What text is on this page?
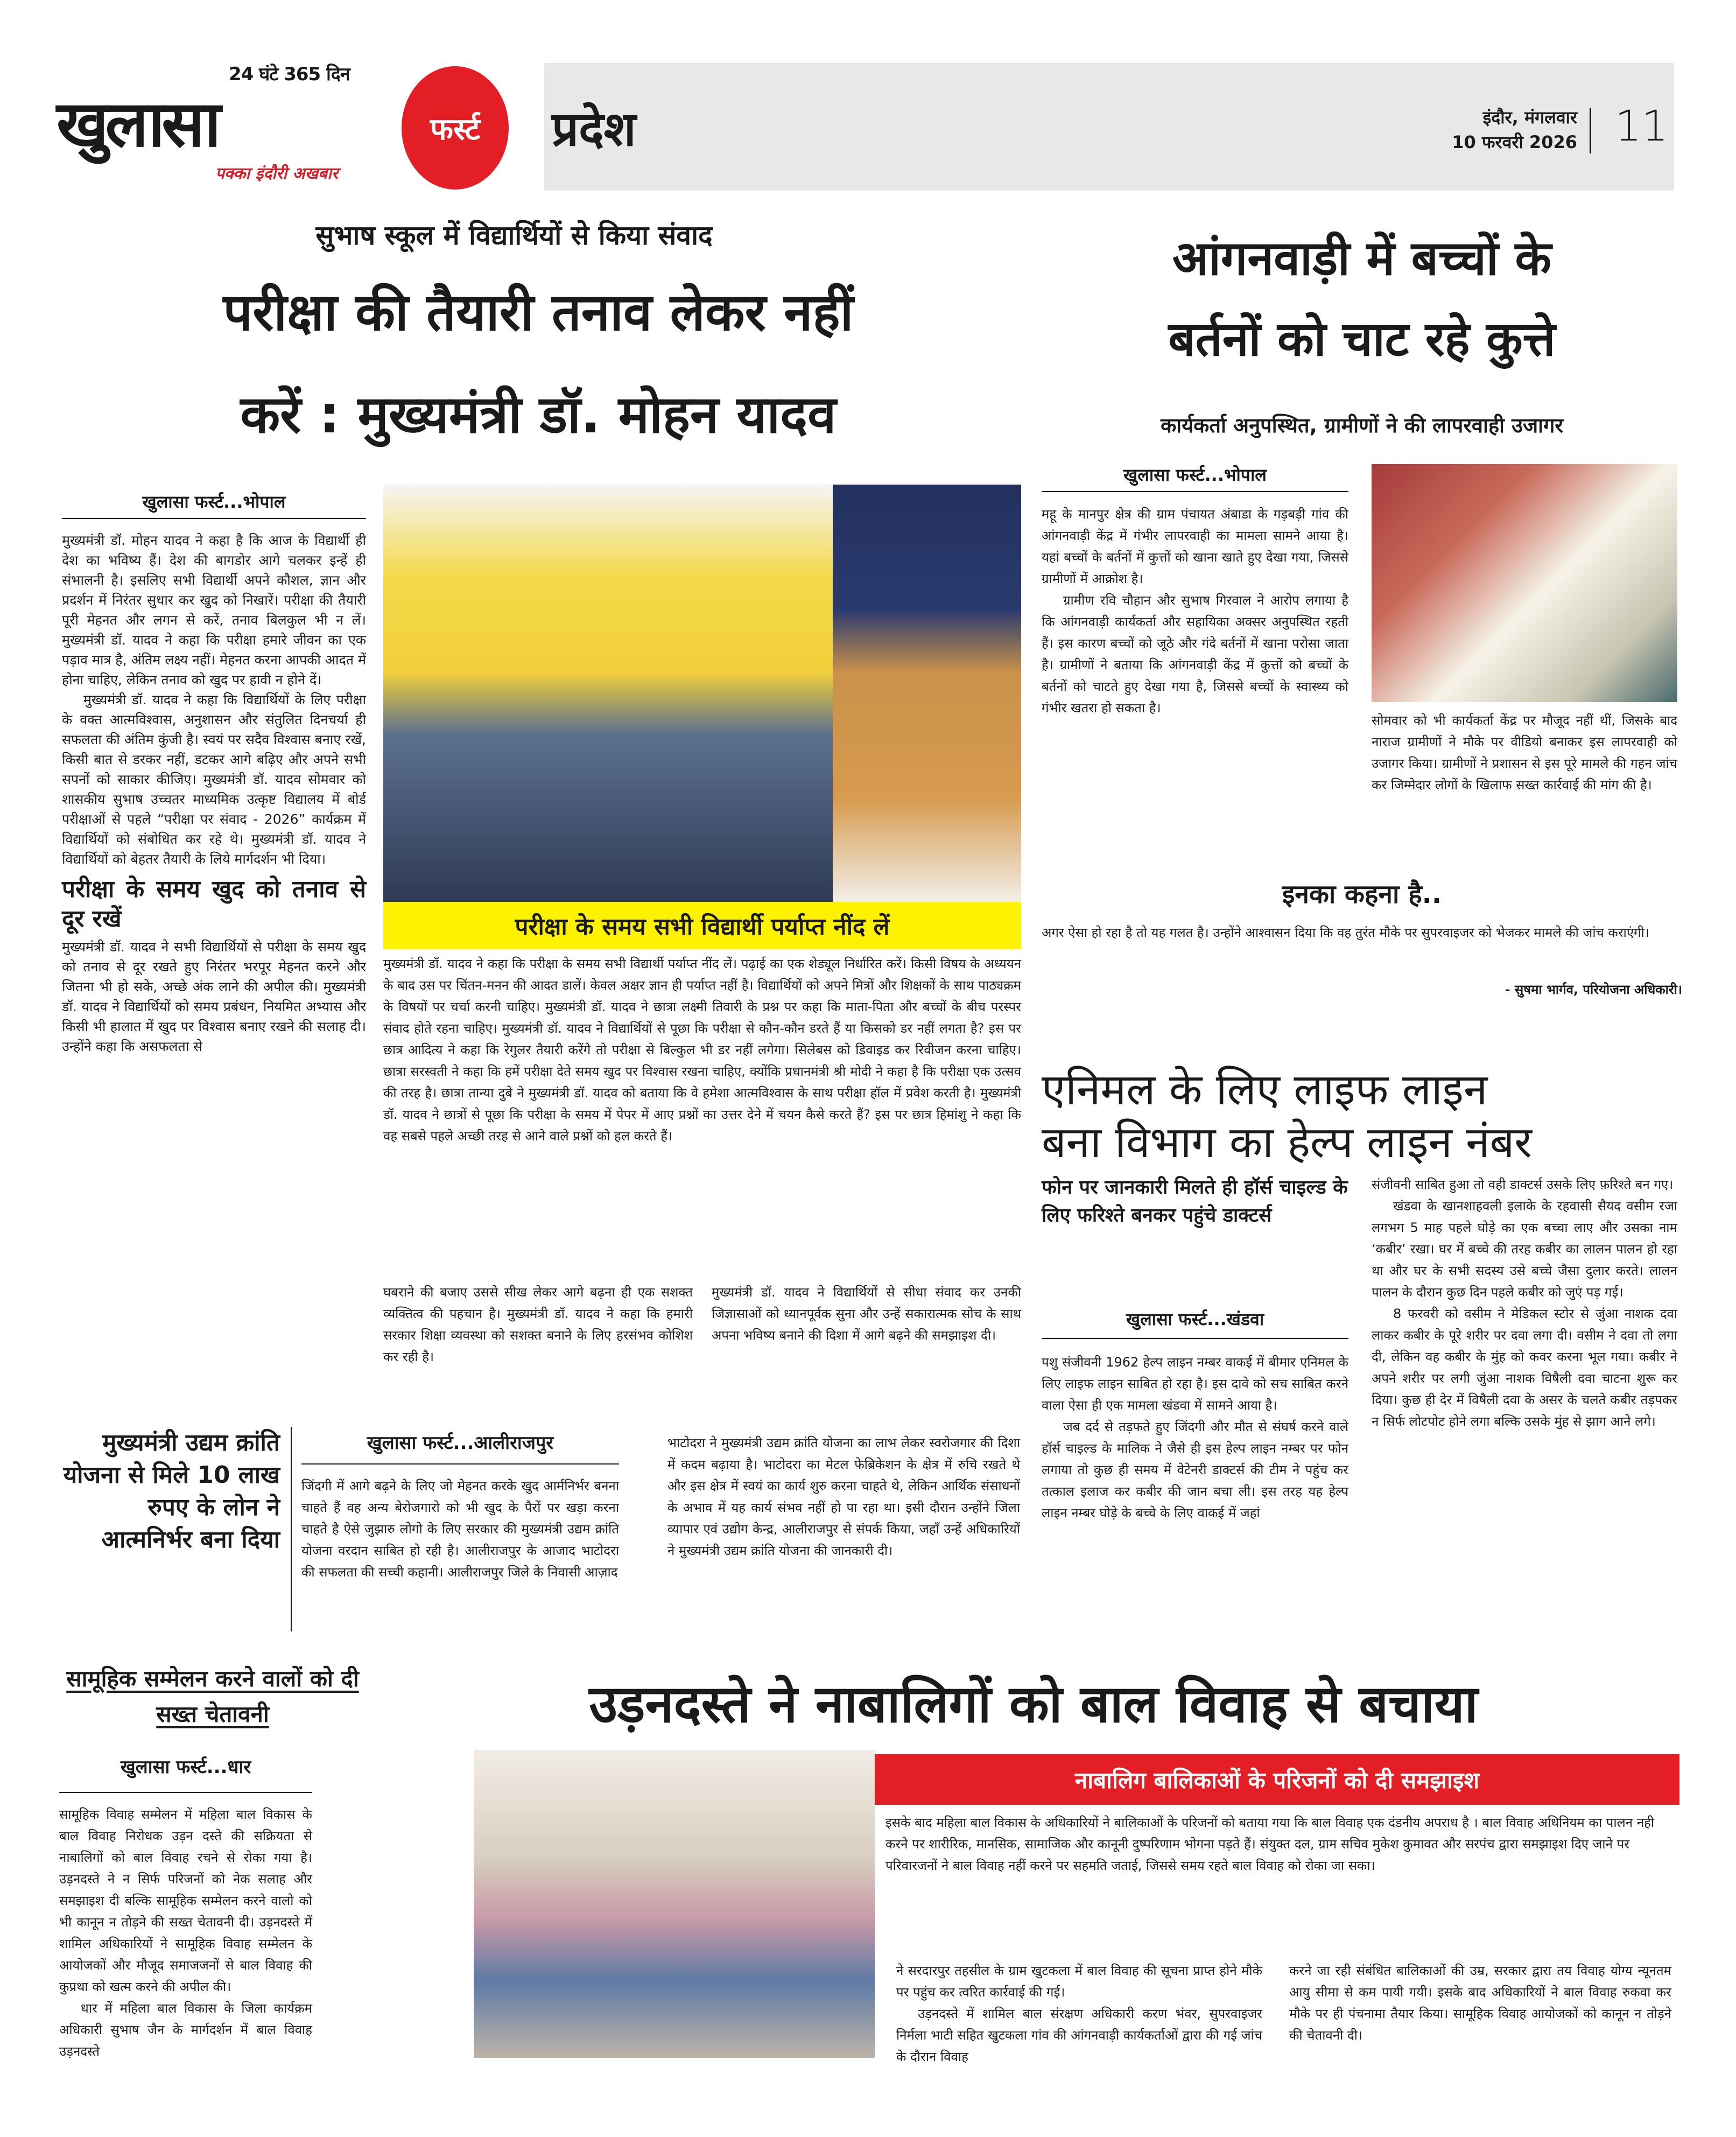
24 घंटे 365 दिन
खुलासा
पक्का इंदौरी अखबार
फर्स्ट प्रदेश	इंदौर, मंगलवार
10 फरवरी 2026 11
सुभाष स्कूल में विद्यार्थियों से किया संवाद
परीक्षा की तैयारी तनाव लेकर नहीं
करें : मुख्यमंत्री डॉ. मोहन यादव
खुलासा फर्स्ट...भोपाल

मुख्यमंत्री डॉ. मोहन यादव ने कहा है कि आज के विद्यार्थी ही देश का भविष्य हैं। देश की बागडोर आगे चलकर इन्हें ही संभालनी है। इसलिए सभी विद्यार्थी अपने कौशल, ज्ञान और प्रदर्शन में निरंतर सुधार कर खुद को निखारें। परीक्षा की तैयारी पूरी मेहनत और लगन से करें, तनाव बिलकुल भी न लें। मुख्यमंत्री डॉ. यादव ने कहा कि परीक्षा हमारे जीवन का एक पड़ाव मात्र है, अंतिम लक्ष्य नहीं। मेहनत करना आपकी आदत में होना चाहिए, लेकिन तनाव को खुद पर हावी न होने दें।

मुख्यमंत्री डॉ. यादव ने कहा कि विद्यार्थियों के लिए परीक्षा के वक्त आत्मविश्वास, अनुशासन और संतुलित दिनचर्या ही सफलता की अंतिम कुंजी है। स्वयं पर सदैव विश्वास बनाए रखें, किसी बात से डरकर नहीं, डटकर आगे बढ़िए और अपने सभी सपनों को साकार कीजिए। मुख्यमंत्री डॉ. यादव सोमवार को शासकीय सुभाष उच्चतर माध्यमिक उत्कृष्ट विद्यालय में बोर्ड परीक्षाओं से पहले “परीक्षा पर संवाद - 2026” कार्यक्रम में विद्यार्थियों को संबोधित कर रहे थे। मुख्यमंत्री डॉ. यादव ने विद्यार्थियों को बेहतर तैयारी के लिये मार्गदर्शन भी दिया।

परीक्षा के समय खुद को तनाव से दूर रखें

मुख्यमंत्री डॉ. यादव ने सभी विद्यार्थियों से परीक्षा के समय खुद को तनाव से दूर रखते हुए निरंतर भरपूर मेहनत करने और जितना भी हो सके, अच्छे अंक लाने की अपील की। मुख्यमंत्री डॉ. यादव ने विद्यार्थियों को समय प्रबंधन, नियमित अभ्यास और किसी भी हालात में खुद पर विश्वास बनाए रखने की सलाह दी। उन्होंने कहा कि असफलता से

परीक्षा के समय सभी विद्यार्थी पर्याप्त नींद लें
मुख्यमंत्री डॉ. यादव ने कहा कि परीक्षा के समय सभी विद्यार्थी पर्याप्त नींद लें। पढ़ाई का एक शेड्यूल निर्धारित करें। किसी विषय के अध्ययन के बाद उस पर चिंतन-मनन की आदत डालें। केवल अक्षर ज्ञान ही पर्याप्त नहीं है। विद्यार्थियों को अपने मित्रों और शिक्षकों के साथ पाठ्यक्रम के विषयों पर चर्चा करनी चाहिए। मुख्यमंत्री डॉ. यादव ने छात्रा लक्ष्मी तिवारी के प्रश्न पर कहा कि माता-पिता और बच्चों के बीच परस्पर संवाद होते रहना चाहिए। मुख्यमंत्री डॉ. यादव ने विद्यार्थियों से पूछा कि परीक्षा से कौन-कौन डरते हैं या किसको डर नहीं लगता है? इस पर छात्र आदित्य ने कहा कि रेगुलर तैयारी करेंगे तो परीक्षा से बिल्कुल भी डर नहीं लगेगा। सिलेबस को डिवाइड कर रिवीजन करना चाहिए। छात्रा सरस्वती ने कहा कि हमें परीक्षा देते समय खुद पर विश्वास रखना चाहिए, क्योंकि प्रधानमंत्री श्री मोदी ने कहा है कि परीक्षा एक उत्सव की तरह है। छात्रा तान्या दुबे ने मुख्यमंत्री डॉ. यादव को बताया कि वे हमेशा आत्मविश्वास के साथ परीक्षा हॉल में प्रवेश करती है। मुख्यमंत्री डॉ. यादव ने छात्रों से पूछा कि परीक्षा के समय में पेपर में आए प्रश्नों का उत्तर देने में चयन कैसे करते हैं? इस पर छात्र हिमांशु ने कहा कि वह सबसे पहले अच्छी तरह से आने वाले प्रश्नों को हल करते हैं।
घबराने की बजाए उससे सीख लेकर आगे बढ़ना ही एक सशक्त व्यक्तित्व की पहचान है। मुख्यमंत्री डॉ. यादव ने कहा कि हमारी सरकार शिक्षा व्यवस्था को सशक्त बनाने के लिए हरसंभव कोशिश कर रही है।
मुख्यमंत्री डॉ. यादव ने विद्यार्थियों से सीधा संवाद कर उनकी जिज्ञासाओं को ध्यानपूर्वक सुना और उन्हें सकारात्मक सोच के साथ अपना भविष्य बनाने की दिशा में आगे बढ़ने की समझाइश दी।
आंगनवाड़ी में बच्चों के
बर्तनों को चाट रहे कुत्ते
कार्यकर्ता अनुपस्थित, ग्रामीणों ने की लापरवाही उजागर
खुलासा फर्स्ट...भोपाल

महू के मानपुर क्षेत्र की ग्राम पंचायत अंबाडा के गड़बड़ी गांव की आंगनवाड़ी केंद्र में गंभीर लापरवाही का मामला सामने आया है। यहां बच्चों के बर्तनों में कुत्तों को खाना खाते हुए देखा गया, जिससे ग्रामीणों में आक्रोश है।

ग्रामीण रवि चौहान और सुभाष गिरवाल ने आरोप लगाया है कि आंगनवाड़ी कार्यकर्ता और सहायिका अक्सर अनुपस्थित रहती हैं। इस कारण बच्चों को जूठे और गंदे बर्तनों में खाना परोसा जाता है। ग्रामीणों ने बताया कि आंगनवाड़ी केंद्र में कुत्तों को बच्चों के बर्तनों को चाटते हुए देखा गया है, जिससे बच्चों के स्वास्थ्य को गंभीर खतरा हो सकता है।

सोमवार को भी कार्यकर्ता केंद्र पर मौजूद नहीं थीं, जिसके बाद नाराज ग्रामीणों ने मौके पर वीडियो बनाकर इस लापरवाही को उजागर किया। ग्रामीणों ने प्रशासन से इस पूरे मामले की गहन जांच कर जिम्मेदार लोगों के खिलाफ सख्त कार्रवाई की मांग की है।
इनका कहना है..
अगर ऐसा हो रहा है तो यह गलत है। उन्होंने आश्वासन दिया कि वह तुरंत मौके पर सुपरवाइजर को भेजकर मामले की जांच कराएंगी।
- सुषमा भार्गव, परियोजना अधिकारी।
एनिमल के लिए लाइफ लाइन
बना विभाग का हेल्प लाइन नंबर
फोन पर जानकारी मिलते ही हॉर्स चाइल्ड के लिए फरिश्ते बनकर पहुंचे डाक्टर्स
खुलासा फर्स्ट...खंडवा

पशु संजीवनी 1962 हेल्प लाइन नम्बर वाकई में बीमार एनिमल के लिए लाइफ लाइन साबित हो रहा है। इस दावे को सच साबित करने वाला ऐसा ही एक मामला खंडवा में सामने आया है।

जब दर्द से तड़फते हुए जिंदगी और मौत से संघर्ष करने वाले हॉर्स चाइल्ड के मालिक ने जैसे ही इस हेल्प लाइन नम्बर पर फोन लगाया तो कुछ ही समय में वेटेनरी डाक्टर्स की टीम ने पहुंच कर तत्काल इलाज कर कबीर की जान बचा ली। इस तरह यह हेल्प लाइन नम्बर घोड़े के बच्चे के लिए वाकई में जहां

संजीवनी साबित हुआ तो वही डाक्टर्स उसके लिए फ़रिश्ते बन गए।

खंडवा के खानशाहवली इलाके के रहवासी सैयद वसीम रजा लगभग 5 माह पहले घोड़े का एक बच्चा लाए और उसका नाम ‘कबीर’ रखा। घर में बच्चे की तरह कबीर का लालन पालन हो रहा था और घर के सभी सदस्य उसे बच्चे जैसा दुलार करते। लालन पालन के दौरान कुछ दिन पहले कबीर को जुएं पड़ गई।

8 फरवरी को वसीम ने मेडिकल स्टोर से जुंआ नाशक दवा लाकर कबीर के पूरे शरीर पर दवा लगा दी। वसीम ने दवा तो लगा दी, लेकिन वह कबीर के मुंह को कवर करना भूल गया। कबीर ने अपने शरीर पर लगी जुंआ नाशक विषैली दवा चाटना शुरू कर दिया। कुछ ही देर में विषैली दवा के असर के चलते कबीर तड़पकर न सिर्फ लोटपोट होने लगा बल्कि उसके मुंह से झाग आने लगे।

मुख्यमंत्री उद्यम क्रांति योजना से मिले 10 लाख रुपए के लोन ने आत्मनिर्भर बना दिया
खुलासा फर्स्ट...आलीराजपुर
जिंदगी में आगे बढ़ने के लिए जो मेहनत करके खुद आर्मनिर्भर बनना चाहते हैं वह अन्य बेरोजगारो को भी खुद के पैरों पर खड़ा करना चाहते है ऐसे जुझारु लोगो के लिए सरकार की मुख्यमंत्री उद्यम क्रांति योजना वरदान साबित हो रही है। आलीराजपुर के आजाद भाटोदरा की सफलता की सच्ची कहानी। आलीराजपुर जिले के निवासी आज़ाद
भाटोदरा ने मुख्यमंत्री उद्यम क्रांति योजना का लाभ लेकर स्वरोजगार की दिशा में कदम बढ़ाया है। भाटोदरा का मेटल फेब्रिकेशन के क्षेत्र में रुचि रखते थे और इस क्षेत्र में स्वयं का कार्य शुरु करना चाहते थे, लेकिन आर्थिक संसाधनों के अभाव में यह कार्य संभव नहीं हो पा रहा था। इसी दौरान उन्होंने जिला व्यापार एवं उद्योग केन्द्र, आलीराजपुर से संपर्क किया, जहाँ उन्हें अधिकारियों ने मुख्यमंत्री उद्यम क्रांति योजना की जानकारी दी।
सामूहिक सम्मेलन करने वालों को दी सख्त चेतावनी
खुलासा फर्स्ट...धार

सामूहिक विवाह सम्मेलन में महिला बाल विकास के बाल विवाह निरोधक उड़न दस्ते की सक्रियता से नाबालिगों को बाल विवाह रचने से रोका गया है। उड़नदस्ते ने न सिर्फ परिजनों को नेक सलाह और समझाइश दी बल्कि सामूहिक सम्मेलन करने वालो को भी कानून न तोड़ने की सख्त चेतावनी दी। उड़नदस्ते में शामिल अधिकारियों ने सामूहिक विवाह सम्मेलन के आयोजकों और मौजूद समाजजनों से बाल विवाह की कुप्रथा को खत्म करने की अपील की।

धार में महिला बाल विकास के जिला कार्यक्रम अधिकारी सुभाष जैन के मार्गदर्शन में बाल विवाह उड़नदस्ते

उड़नदस्ते ने नाबालिगों को बाल विवाह से बचाया
नाबालिग बालिकाओं के परिजनों को दी समझाइश
इसके बाद महिला बाल विकास के अधिकारियों ने बालिकाओं के परिजनों को बताया गया कि बाल विवाह एक दंडनीय अपराध है । बाल विवाह अधिनियम का पालन नही करने पर शारीरिक, मानसिक, सामाजिक और कानूनी दुष्परिणाम भोगना पड़ते हैं। संयुक्त दल, ग्राम सचिव मुकेश कुमावत और सरपंच द्वारा समझाइश दिए जाने पर परिवारजनों ने बाल विवाह नहीं करने पर सहमति जताई, जिससे समय रहते बाल विवाह को रोका जा सका।

ने सरदारपुर तहसील के ग्राम खुटकला में बाल विवाह की सूचना प्राप्त होने मौके पर पहुंच कर त्वरित कार्रवाई की गई।

उड़नदस्ते में शामिल बाल संरक्षण अधिकारी करण भंवर, सुपरवाइजर निर्मला भाटी सहित खुटकला गांव की आंगनवाड़ी कार्यकर्ताओं द्वारा की गई जांच के दौरान विवाह

करने जा रही संबंधित बालिकाओं की उम्र, सरकार द्वारा तय विवाह योग्य न्यूनतम आयु सीमा से कम पायी गयी। इसके बाद अधिकारियों ने बाल विवाह रुकवा कर मौके पर ही पंचनामा तैयार किया। सामूहिक विवाह आयोजकों को कानून न तोड़ने की चेतावनी दी।
